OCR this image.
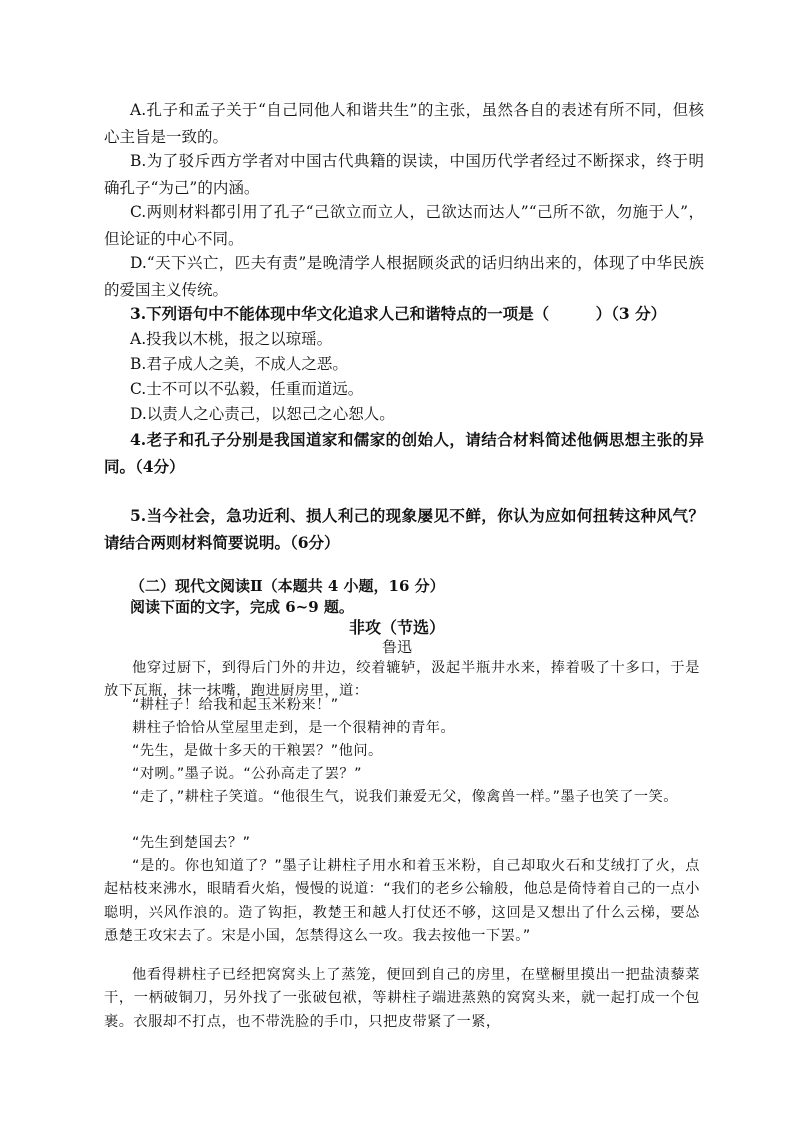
A.孔子和孟子关于“自己同他人和谐共生”的主张，虽然各自的表述有所不同，但核心主旨是一致的。

B.为了驳斥西方学者对中国古代典籍的误读，中国历代学者经过不断探求，终于明确孔子“为己”的内涵。

C.两则材料都引用了孔子“己欲立而立人，己欲达而达人”“己所不欲，勿施于人”，但论证的中心不同。

D.“天下兴亡，匹夫有责”是晚清学人根据顾炎武的话归纳出来的，体现了中华民族的爱国主义传统。

3.下列语句中不能体现中华文化追求人己和谐特点的一项是（　　　）（3 分）

A.投我以木桃，报之以琼瑶。

B.君子成人之美，不成人之恶。

C.士不可以不弘毅，任重而道远。

D.以责人之心责己，以恕己之心恕人。

4.老子和孔子分别是我国道家和儒家的创始人，请结合材料简述他俩思想主张的异同。（4分）

5.当今社会，急功近利、损人利己的现象屡见不鲜，你认为应如何扭转这种风气？请结合两则材料简要说明。（6分）

（二）现代文阅读Ⅱ（本题共 4 小题，16 分）
阅读下面的文字，完成 6~9 题。
非攻（节选）
鲁迅

他穿过厨下，到得后门外的井边，绞着辘轳，汲起半瓶井水来，捧着吸了十多口，于是放下瓦瓶，抹一抹嘴，跑进厨房里，道：

“耕柱子！给我和起玉米粉来！”

耕柱子恰恰从堂屋里走到，是一个很精神的青年。

“先生，是做十多天的干粮罢？”他问。

“对咧。”墨子说。“公孙高走了罢？”

“走了，”耕柱子笑道。“他很生气，说我们兼爱无父，像禽兽一样。”墨子也笑了一笑。

“先生到楚国去？”

“是的。你也知道了？”墨子让耕柱子用水和着玉米粉，自己却取火石和艾绒打了火，点起枯枝来沸水，眼睛看火焰，慢慢的说道：“我们的老乡公输般，他总是倚恃着自己的一点小聪明，兴风作浪的。造了钩拒，教楚王和越人打仗还不够，这回是又想出了什么云梯，要怂恿楚王攻宋去了。宋是小国，怎禁得这么一攻。我去按他一下罢。”

他看得耕柱子已经把窝窝头上了蒸笼，便回到自己的房里，在壁橱里摸出一把盐渍藜菜干，一柄破铜刀，另外找了一张破包袱，等耕柱子端进蒸熟的窝窝头来，就一起打成一个包裹。衣服却不打点，也不带洗脸的手巾，只把皮带紧了一紧，
